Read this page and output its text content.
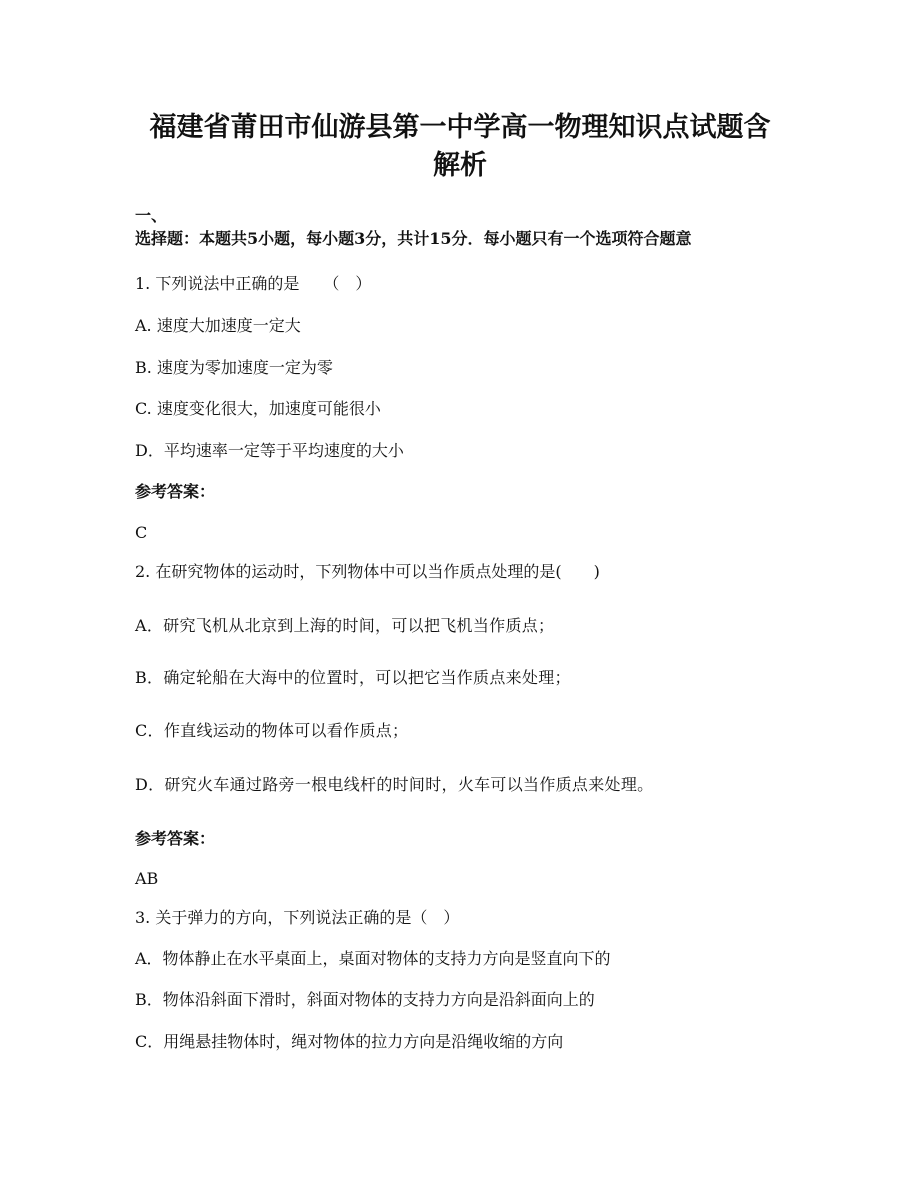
福建省莆田市仙游县第一中学高一物理知识点试题含
解析

一、

选择题：本题共5小题，每小题3分，共计15分．每小题只有一个选项符合题意

1. 下列说法中正确的是　　（　）

A. 速度大加速度一定大

B. 速度为零加速度一定为零

C. 速度变化很大，加速度可能很小

D．平均速率一定等于平均速度的大小

参考答案：

C

2. 在研究物体的运动时，下列物体中可以当作质点处理的是(　　)

A．研究飞机从北京到上海的时间，可以把飞机当作质点；

B．确定轮船在大海中的位置时，可以把它当作质点来处理；

C．作直线运动的物体可以看作质点；

D．研究火车通过路旁一根电线杆的时间时，火车可以当作质点来处理。

参考答案：

AB

3. 关于弹力的方向，下列说法正确的是（　）

A．物体静止在水平桌面上，桌面对物体的支持力方向是竖直向下的

B．物体沿斜面下滑时，斜面对物体的支持力方向是沿斜面向上的

C．用绳悬挂物体时，绳对物体的拉力方向是沿绳收缩的方向
